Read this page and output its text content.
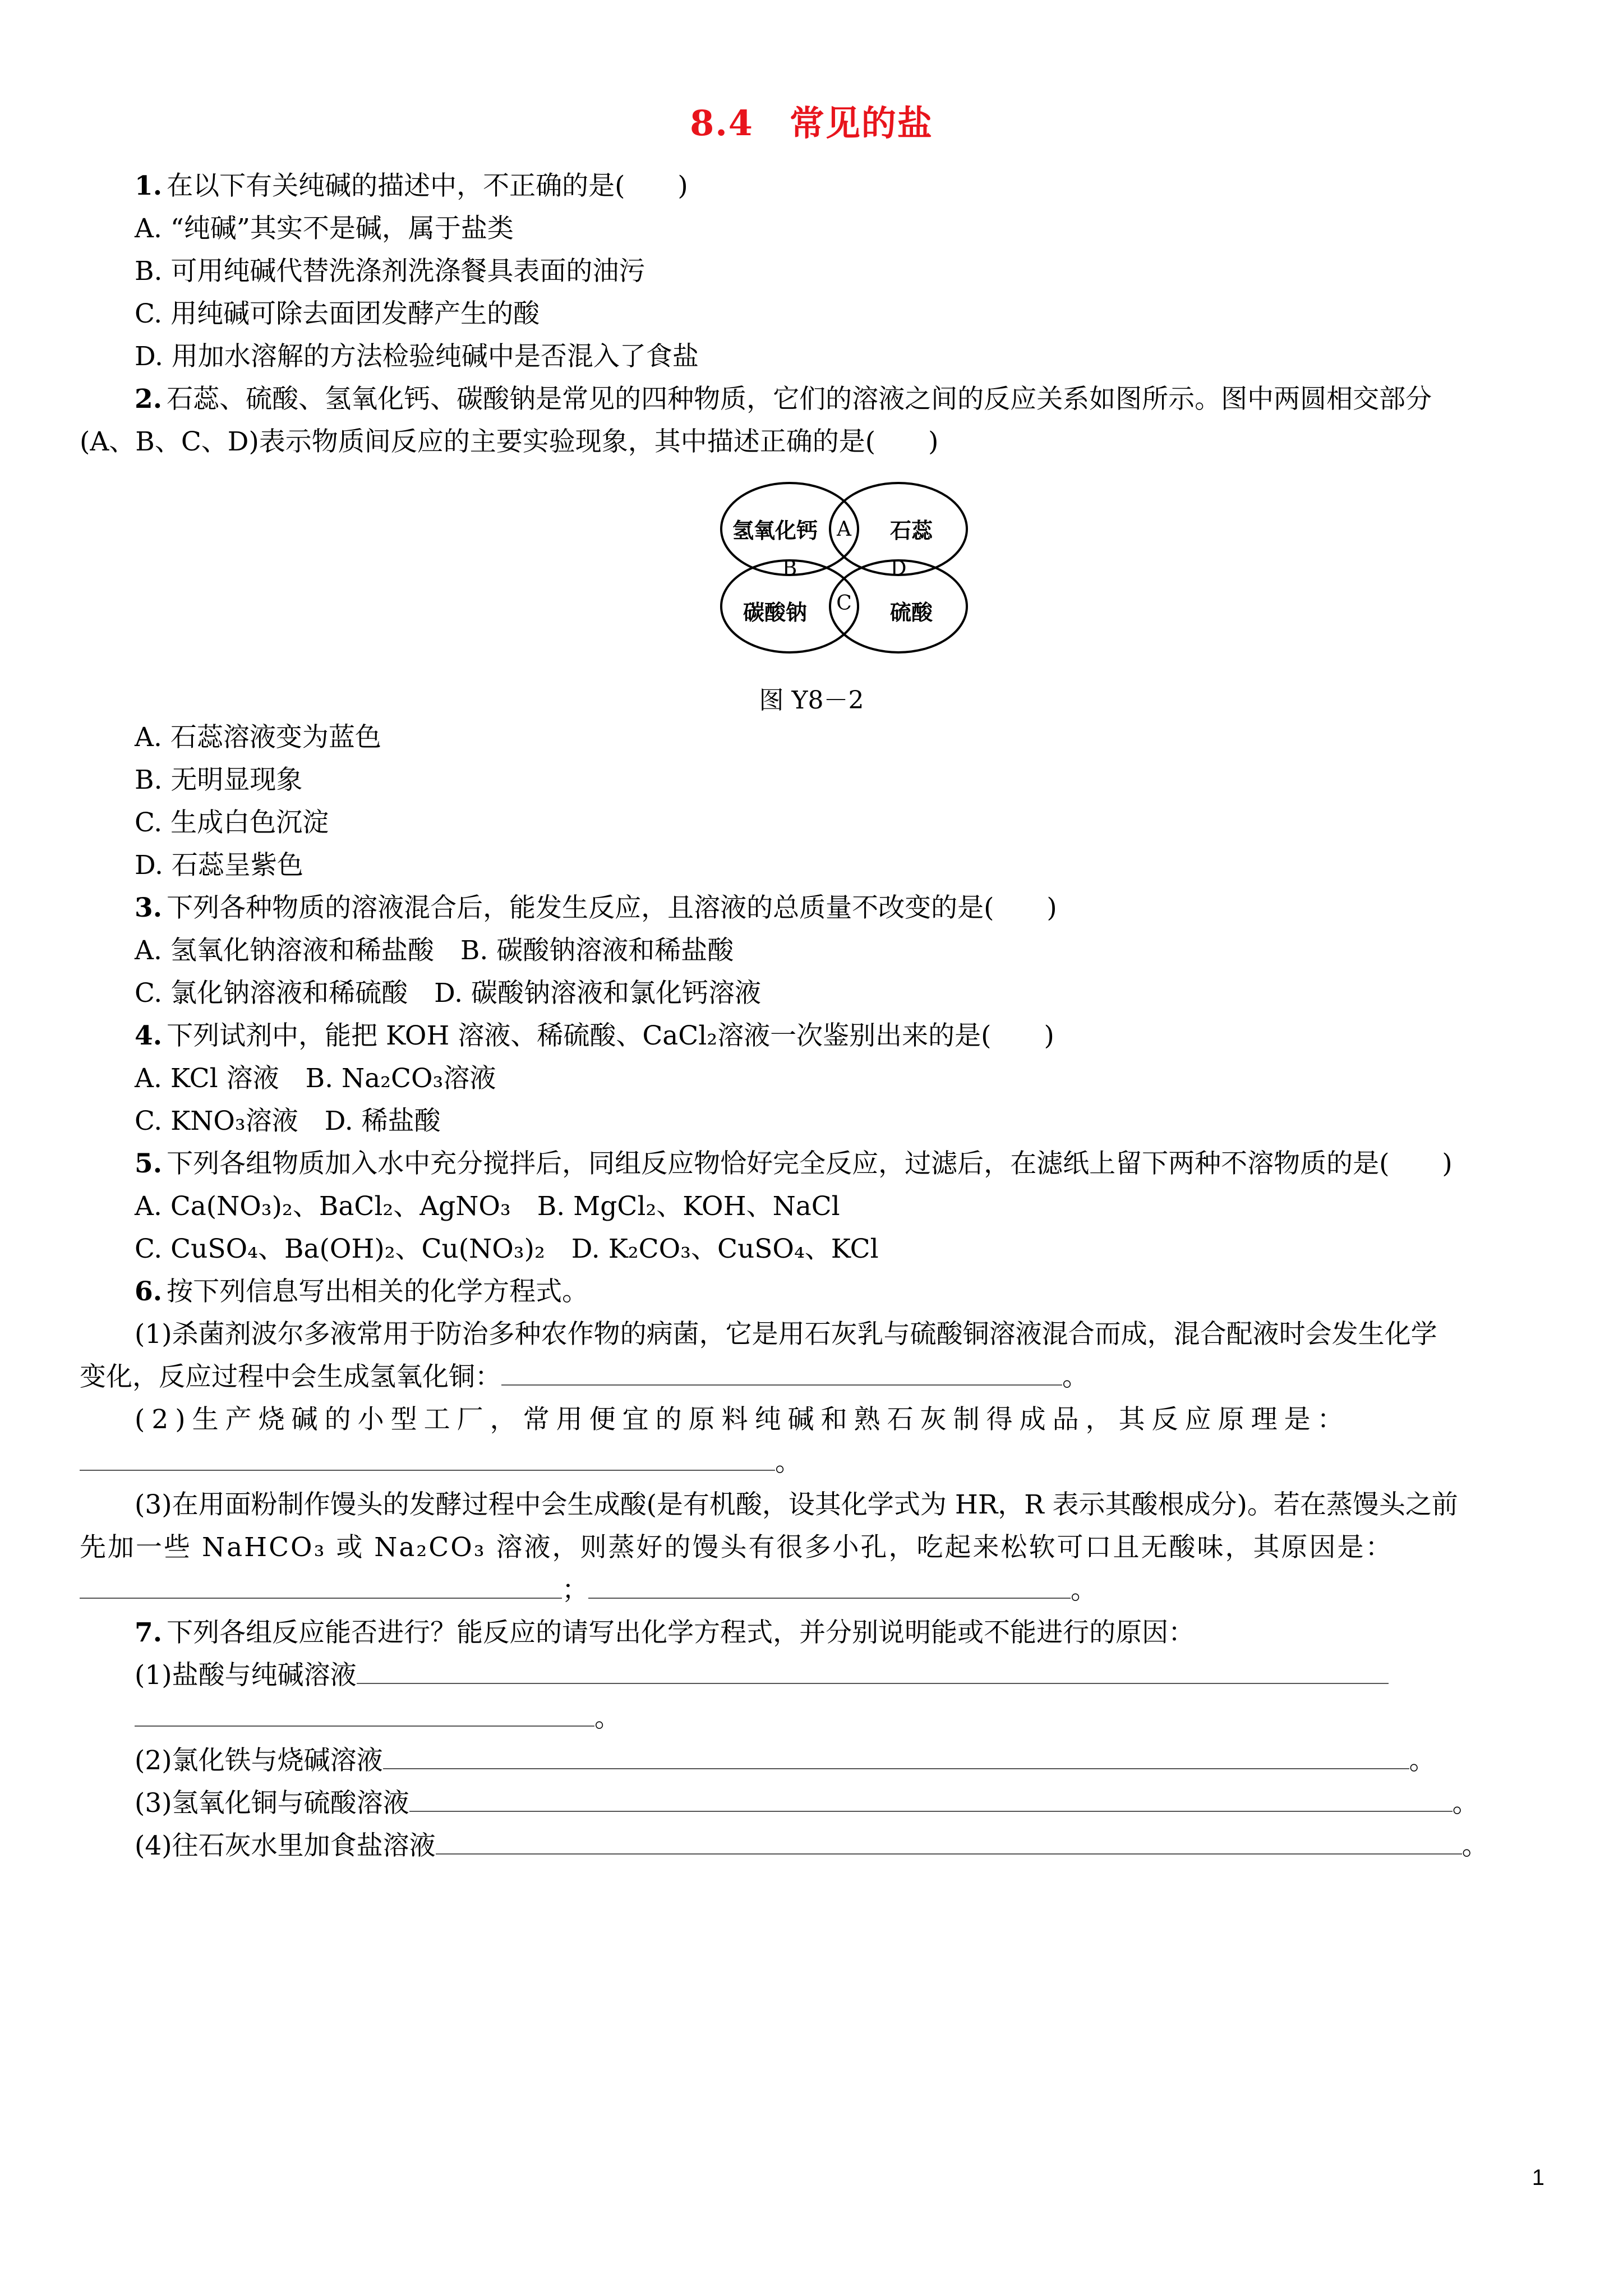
8.4　常见的盐
1. 在以下有关纯碱的描述中，不正确的是(　　)
A. “纯碱”其实不是碱，属于盐类
B. 可用纯碱代替洗涤剂洗涤餐具表面的油污
C. 用纯碱可除去面团发酵产生的酸
D. 用加水溶解的方法检验纯碱中是否混入了食盐
2. 石蕊、硫酸、氢氧化钙、碳酸钠是常见的四种物质，它们的溶液之间的反应关系如图所示。图中两圆相交部分
(A、B、C、D)表示物质间反应的主要实验现象，其中描述正确的是(　　)
氢氧化钙	石蕊
碳酸钠	硫酸
A
B
C
D
图 Y8－2
A. 石蕊溶液变为蓝色
B. 无明显现象
C. 生成白色沉淀
D. 石蕊呈紫色
3. 下列各种物质的溶液混合后，能发生反应，且溶液的总质量不改变的是(　　)
A. 氢氧化钠溶液和稀盐酸　B. 碳酸钠溶液和稀盐酸
C. 氯化钠溶液和稀硫酸　D. 碳酸钠溶液和氯化钙溶液
4. 下列试剂中，能把 KOH 溶液、稀硫酸、CaCl₂溶液一次鉴别出来的是(　　)
A. KCl 溶液　B. Na₂CO₃溶液
C. KNO₃溶液　D. 稀盐酸
5. 下列各组物质加入水中充分搅拌后，同组反应物恰好完全反应，过滤后，在滤纸上留下两种不溶物质的是(　　)
A. Ca(NO₃)₂、BaCl₂、AgNO₃　B. MgCl₂、KOH、NaCl
C. CuSO₄、Ba(OH)₂、Cu(NO₃)₂　D. K₂CO₃、CuSO₄、KCl
6. 按下列信息写出相关的化学方程式。
(1)杀菌剂波尔多液常用于防治多种农作物的病菌，它是用石灰乳与硫酸铜溶液混合而成，混合配液时会发生化学
变化，反应过程中会生成氢氧化铜：	。
(2)生产烧碱的小型工厂，常用便宜的原料纯碱和熟石灰制得成品，其反应原理是：
。
(3)在用面粉制作馒头的发酵过程中会生成酸(是有机酸，设其化学式为 HR，R 表示其酸根成分)。若在蒸馒头之前
先加一些 NaHCO₃ 或 Na₂CO₃ 溶液，则蒸好的馒头有很多小孔，吃起来松软可口且无酸味，其原因是：
；	。
7. 下列各组反应能否进行？能反应的请写出化学方程式，并分别说明能或不能进行的原因：
(1)盐酸与纯碱溶液
。
(2)氯化铁与烧碱溶液	。
(3)氢氧化铜与硫酸溶液	。
(4)往石灰水里加食盐溶液	。
1
